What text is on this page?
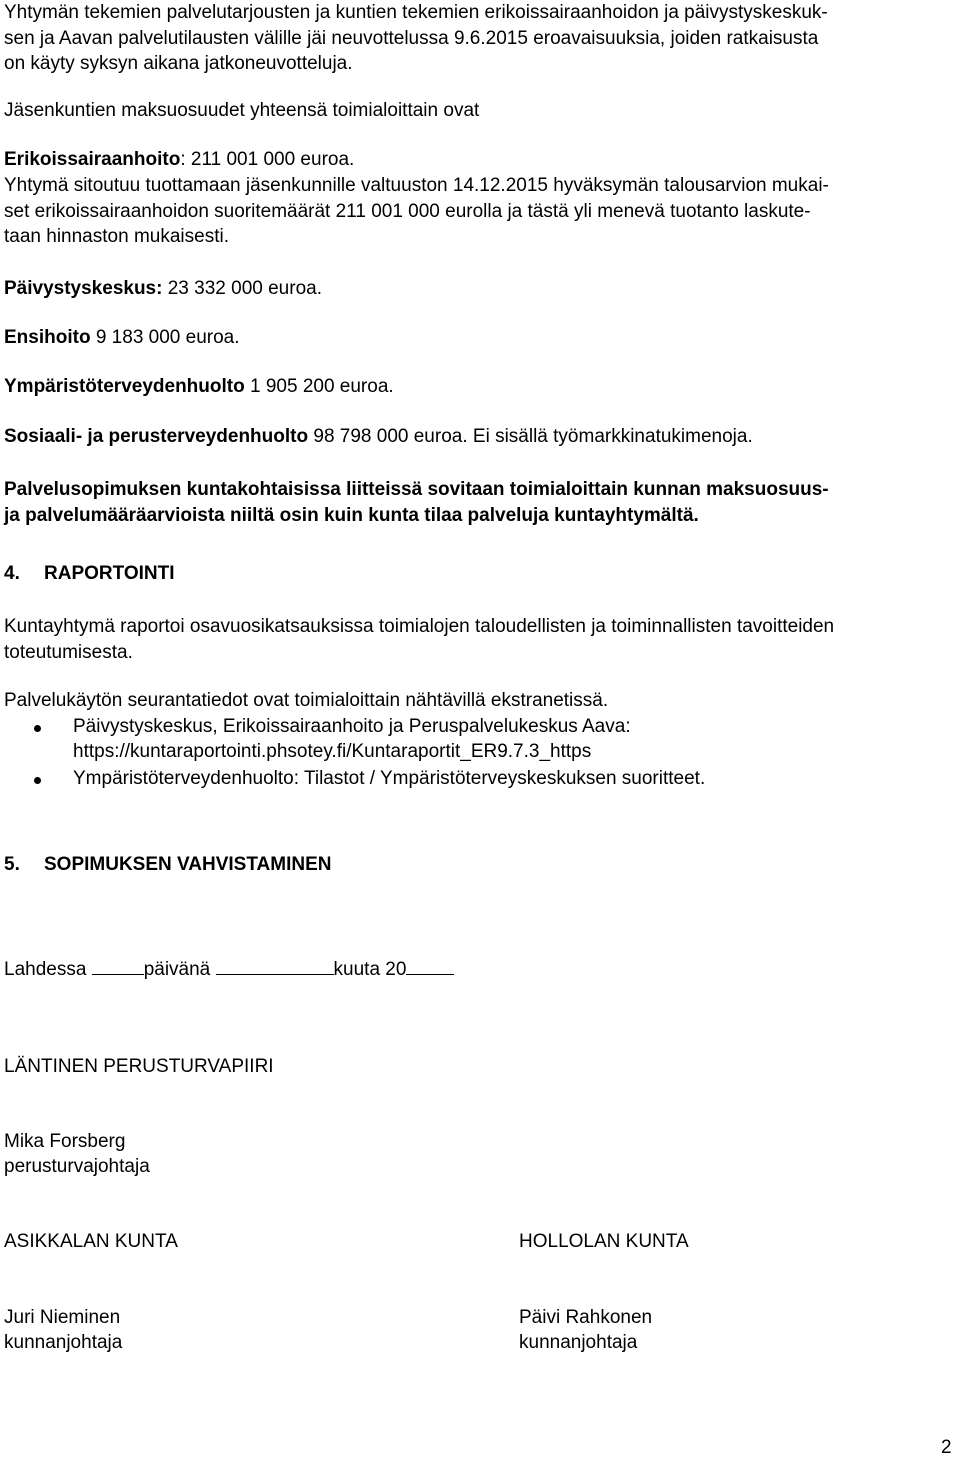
Yhtymän tekemien palvelutarjousten ja kuntien tekemien erikoissairaanhoidon ja päivystyskeskuk-
sen ja Aavan palvelutilausten välille jäi neuvottelussa 9.6.2015 eroavaisuuksia, joiden ratkaisusta
on käyty syksyn aikana jatkoneuvotteluja.
Jäsenkuntien maksuosuudet yhteensä toimialoittain ovat
Erikoissairaanhoito: 211 001 000 euroa.
Yhtymä sitoutuu tuottamaan jäsenkunnille valtuuston 14.12.2015 hyväksymän talousarvion mukai-
set erikoissairaanhoidon suoritemäärät 211 001 000 eurolla ja tästä yli menevä tuotanto laskute-
taan hinnaston mukaisesti.
Päivystyskeskus: 23 332 000 euroa.
Ensihoito 9 183 000 euroa.
Ympäristöterveydenhuolto 1 905 200 euroa.
Sosiaali- ja perusterveydenhuolto 98 798 000 euroa. Ei sisällä työmarkkinatukimenoja.
Palvelusopimuksen kuntakohtaisissa liitteissä sovitaan toimialoittain kunnan maksuosuus-
ja palvelumääräarvioista niiltä osin kuin kunta tilaa palveluja kuntayhtymältä.
4. RAPORTOINTI
Kuntayhtymä raportoi osavuosikatsauksissa toimialojen taloudellisten ja toiminnallisten tavoitteiden
toteutumisesta.
Palvelukäytön seurantatiedot ovat toimialoittain nähtävillä ekstranetissä.
Päivystyskeskus, Erikoissairaanhoito ja Peruspalvelukeskus Aava:
https://kuntaraportointi.phsotey.fi/Kuntaraportit_ER9.7.3_https
Ympäristöterveydenhuolto: Tilastot / Ympäristöterveyskeskuksen suoritteet.
5. SOPIMUKSEN VAHVISTAMINEN
Lahdessa	päivänä	kuuta 20
LÄNTINEN PERUSTURVAPIIRI
Mika Forsberg
perusturvajohtaja
ASIKKALAN KUNTA	HOLLOLAN KUNTA
Juri Nieminen
kunnanjohtaja
Päivi Rahkonen
kunnanjohtaja
2
